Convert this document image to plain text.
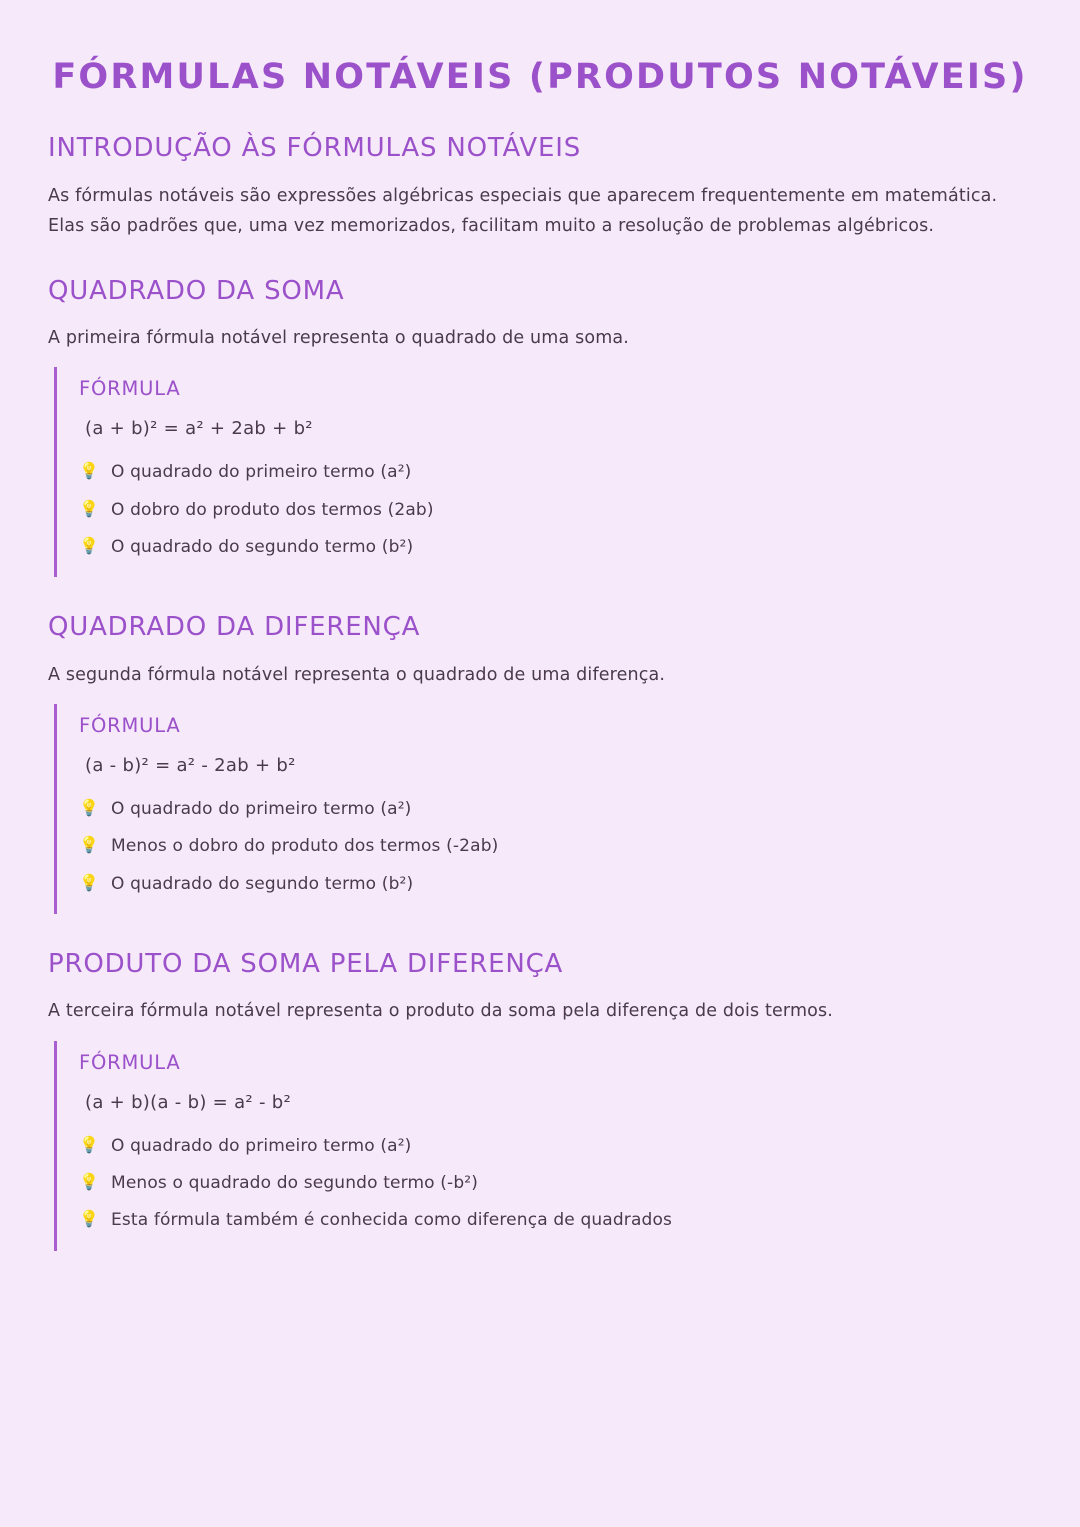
FÓRMULAS NOTÁVEIS (PRODUTOS NOTÁVEIS)
INTRODUÇÃO ÀS FÓRMULAS NOTÁVEIS

As fórmulas notáveis são expressões algébricas especiais que aparecem frequentemente em matemática.

Elas são padrões que, uma vez memorizados, facilitam muito a resolução de problemas algébricos.

QUADRADO DA SOMA

A primeira fórmula notável representa o quadrado de uma soma.

FÓRMULA
(a + b)² = a² + 2ab + b²
💡 O quadrado do primeiro termo (a²)
💡 O dobro do produto dos termos (2ab)
💡 O quadrado do segundo termo (b²)
QUADRADO DA DIFERENÇA

A segunda fórmula notável representa o quadrado de uma diferença.

FÓRMULA
(a - b)² = a² - 2ab + b²
💡 O quadrado do primeiro termo (a²)
💡 Menos o dobro do produto dos termos (-2ab)
💡 O quadrado do segundo termo (b²)
PRODUTO DA SOMA PELA DIFERENÇA

A terceira fórmula notável representa o produto da soma pela diferença de dois termos.

FÓRMULA
(a + b)(a - b) = a² - b²
💡 O quadrado do primeiro termo (a²)
💡 Menos o quadrado do segundo termo (-b²)
💡 Esta fórmula também é conhecida como diferença de quadrados
